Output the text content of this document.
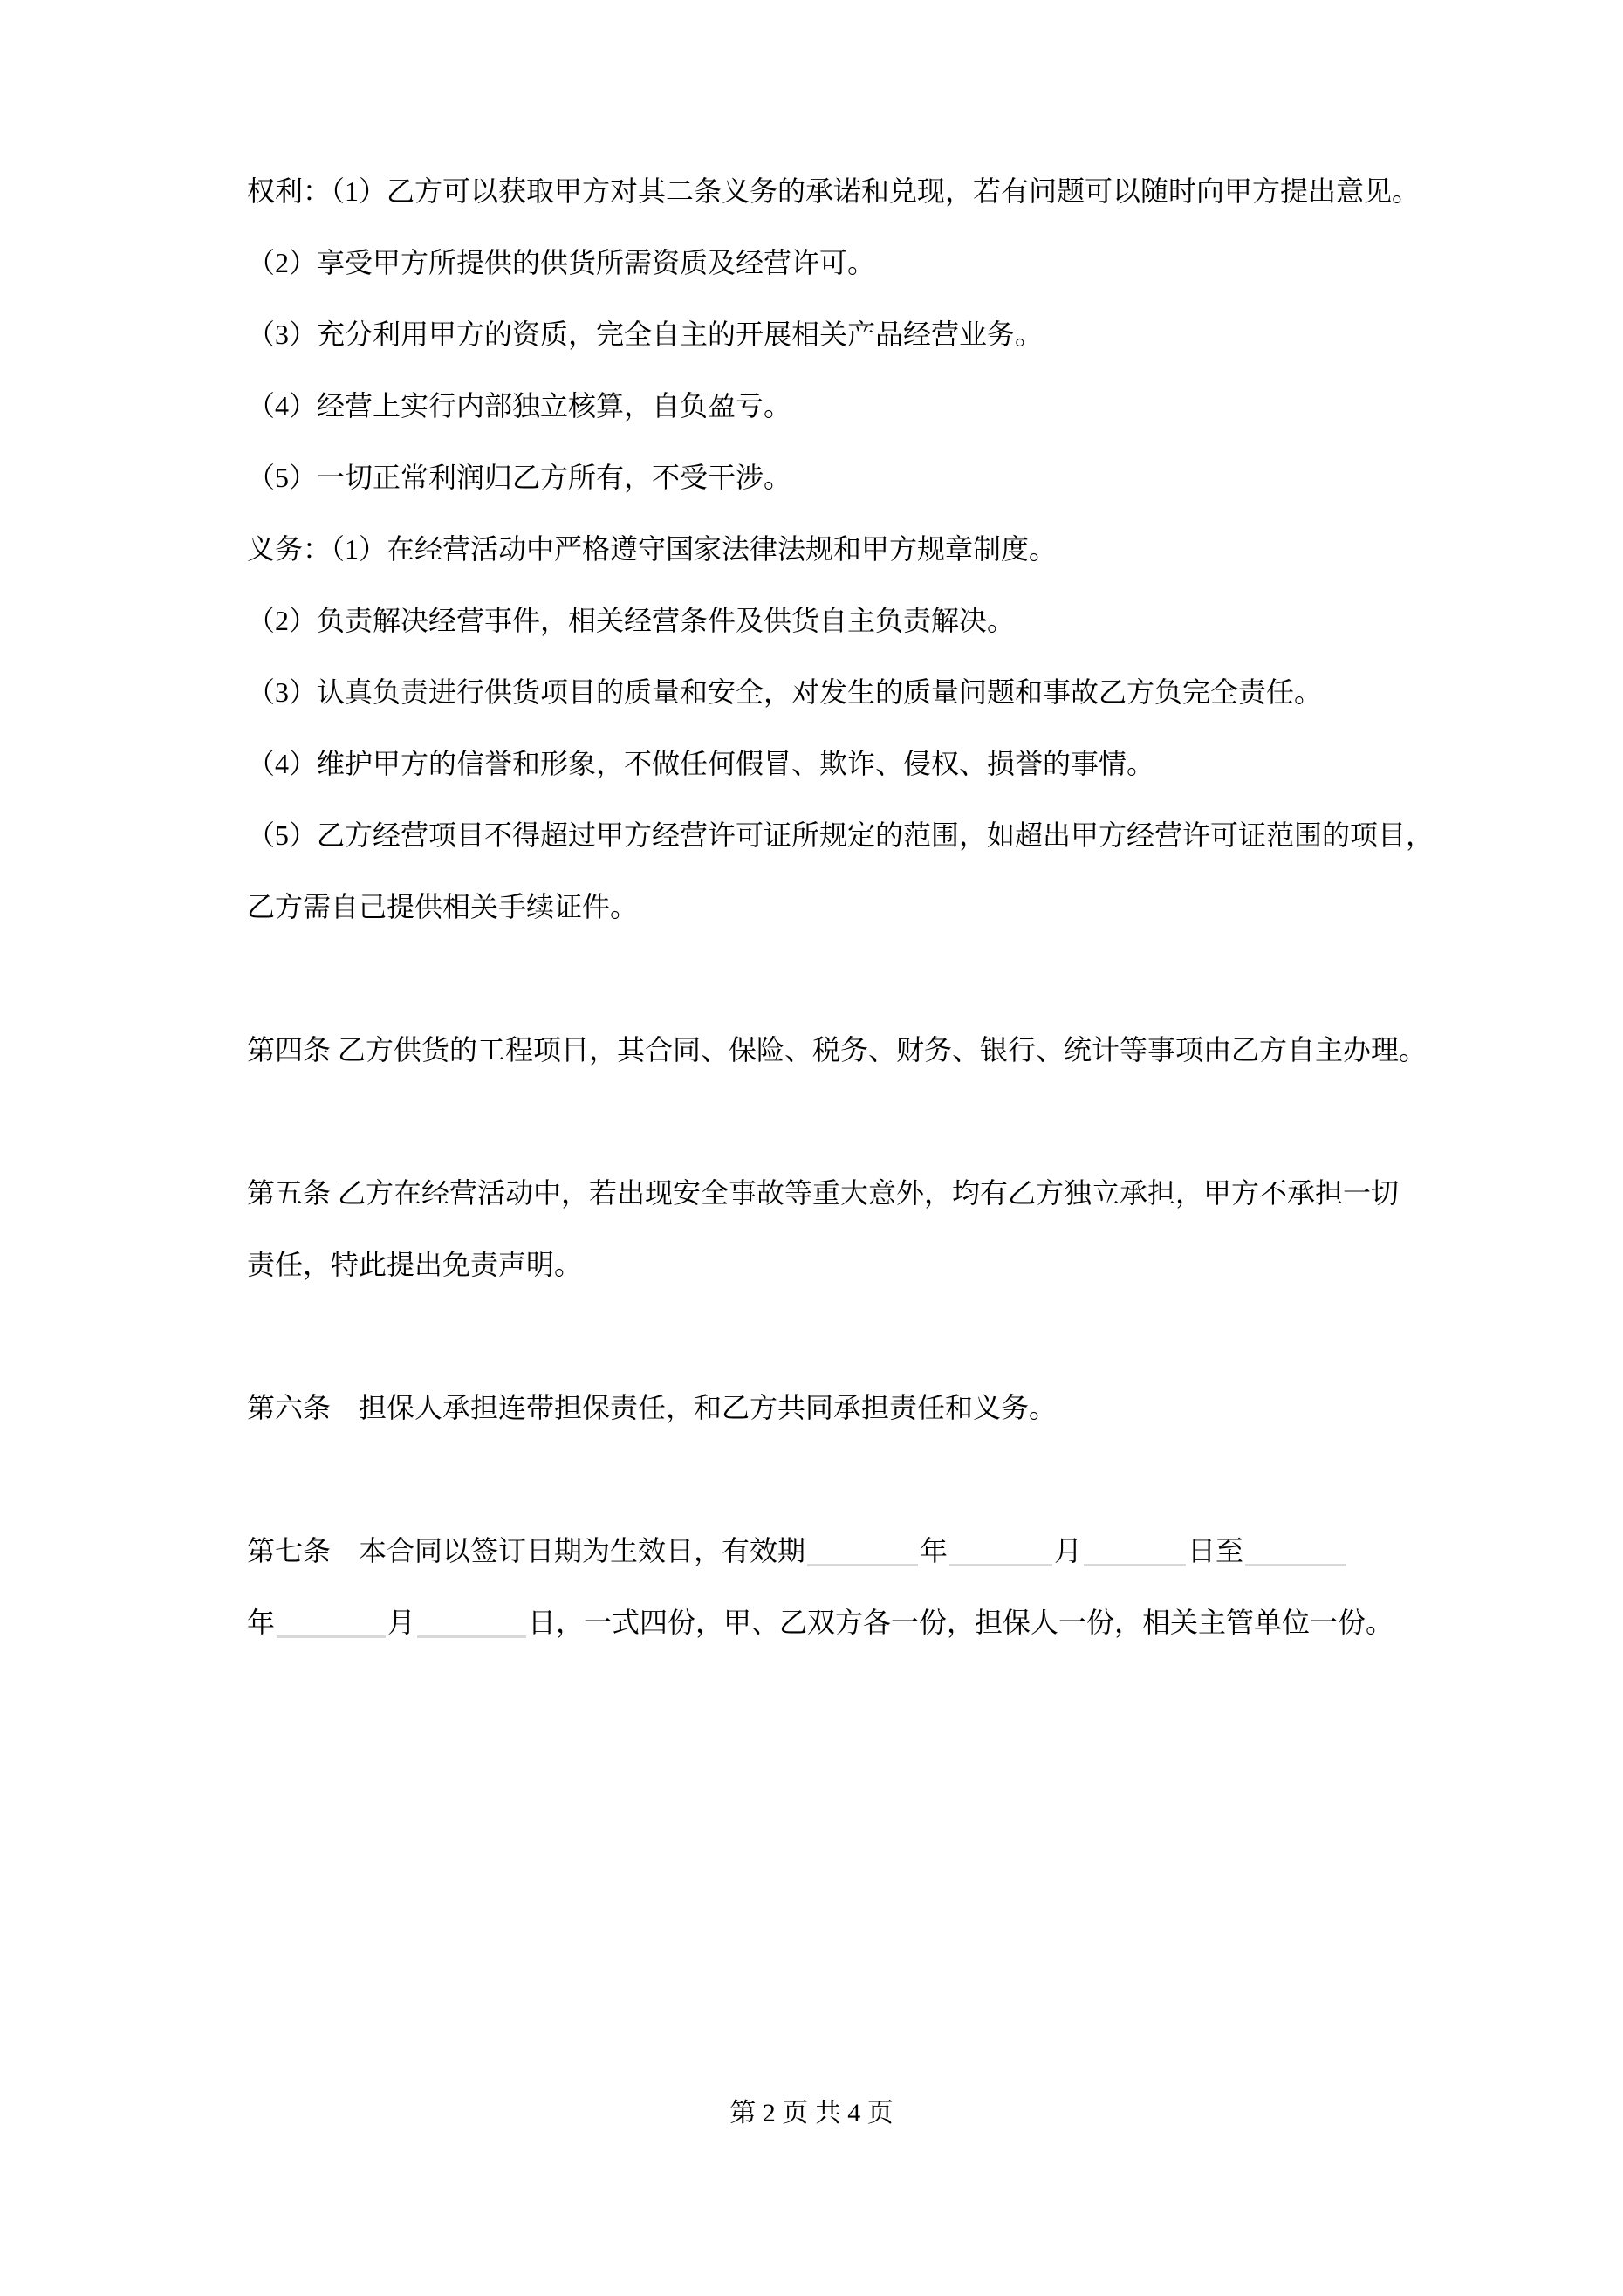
权利：（1）乙方可以获取甲方对其二条义务的承诺和兑现，若有问题可以随时向甲方提出意见。

（2）享受甲方所提供的供货所需资质及经营许可。

（3）充分利用甲方的资质，完全自主的开展相关产品经营业务。

（4）经营上实行内部独立核算，自负盈亏。

（5）一切正常利润归乙方所有，不受干涉。

义务：（1）在经营活动中严格遵守国家法律法规和甲方规章制度。

（2）负责解决经营事件，相关经营条件及供货自主负责解决。

（3）认真负责进行供货项目的质量和安全，对发生的质量问题和事故乙方负完全责任。

（4）维护甲方的信誉和形象，不做任何假冒、欺诈、侵权、损誉的事情。

（5）乙方经营项目不得超过甲方经营许可证所规定的范围，如超出甲方经营许可证范围的项目，

乙方需自己提供相关手续证件。

第四条 乙方供货的工程项目，其合同、保险、税务、财务、银行、统计等事项由乙方自主办理。

第五条 乙方在经营活动中，若出现安全事故等重大意外，均有乙方独立承担，甲方不承担一切

责任，特此提出免责声明。

第六条　担保人承担连带担保责任，和乙方共同承担责任和义务。

第七条　本合同以签订日期为生效日，有效期	年	月	日至

年	月	日，一式四份，甲、乙双方各一份，担保人一份，相关主管单位一份。

第 2 页 共 4 页
